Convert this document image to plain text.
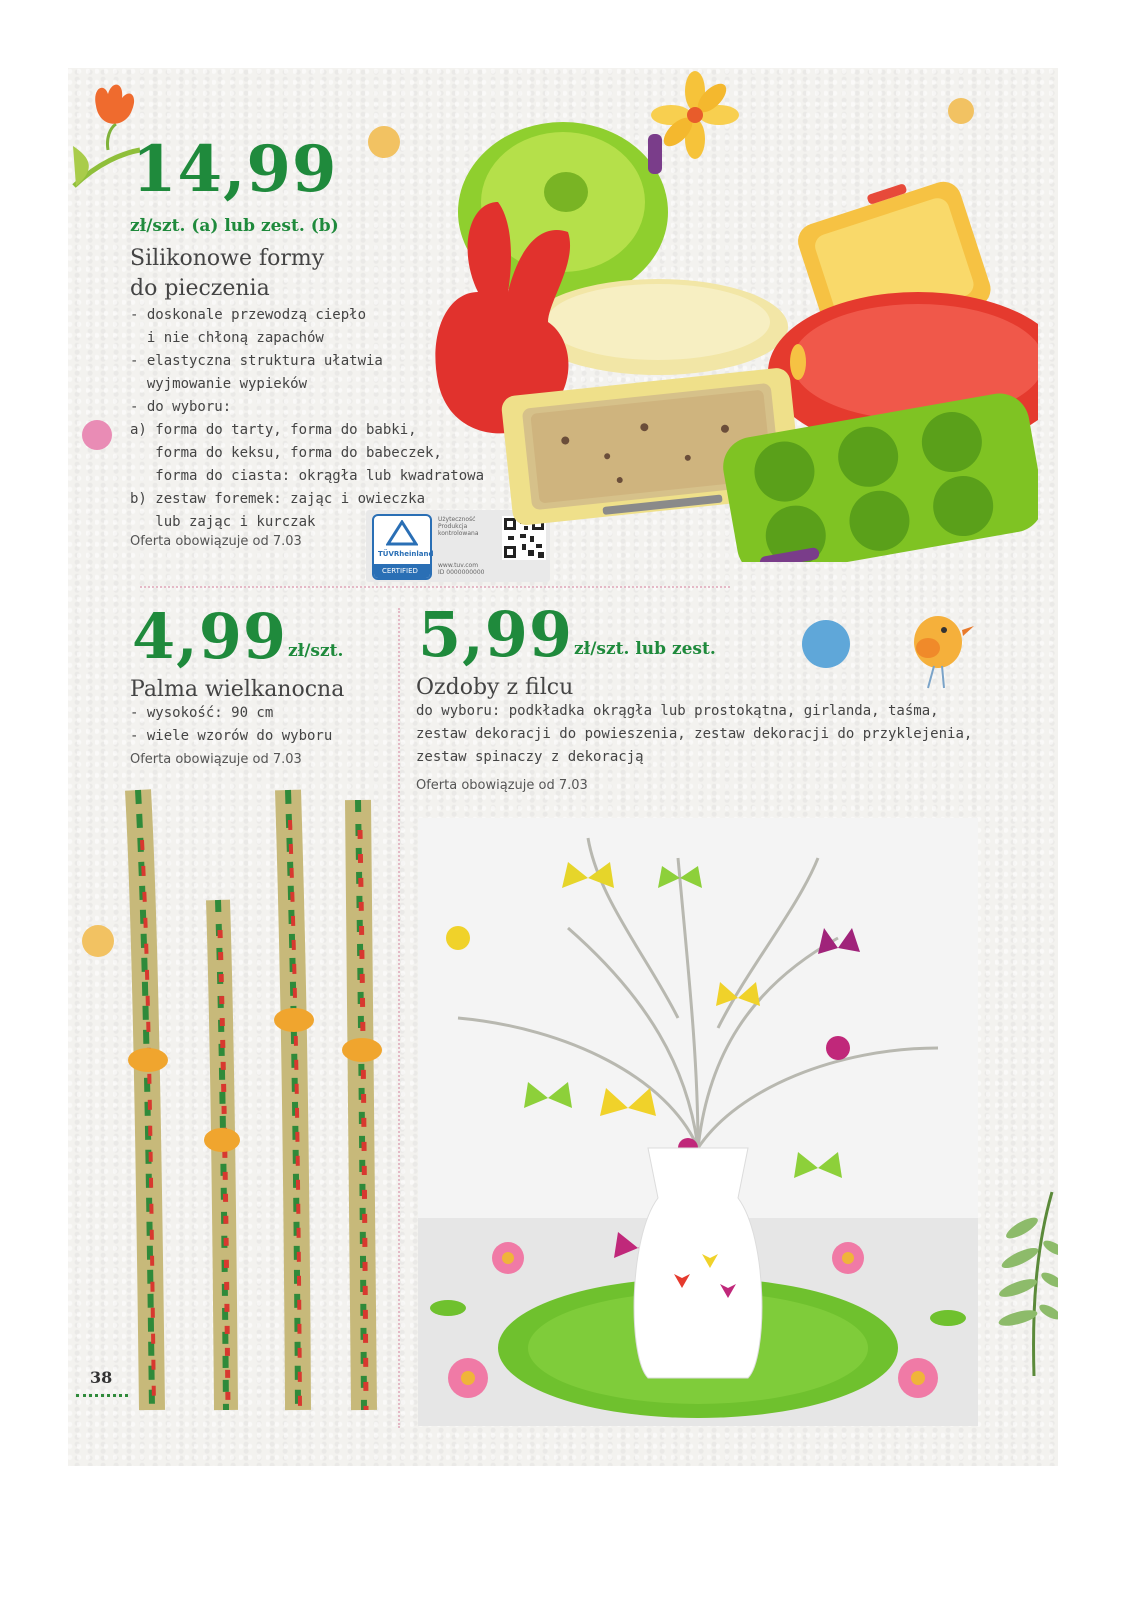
14,99
zł/szt. (a) lub zest. (b)
Silikonowe formy
do pieczenia
- doskonale przewodzą ciepło
i nie chłoną zapachów
- elastyczna struktura ułatwia
wyjmowanie wypieków
- do wyboru:
a) forma do tarty, forma do babki,
forma do keksu, forma do babeczek,
forma do ciasta: okrągła lub kwadratowa
b) zestaw foremek: zając i owieczka
lub zając i kurczak
Oferta obowiązuje od 7.03
TÜVRheinland
CERTIFIED
Użyteczność
Produkcja
kontrolowana
www.tuv.com
ID 0000000000
4,99 zł/szt.
Palma wielkanocna
- wysokość: 90 cm
- wiele wzorów do wyboru
Oferta obowiązuje od 7.03
5,99 zł/szt. lub zest.
Ozdoby z filcu
do wyboru: podkładka okrągła lub prostokątna, girlanda, taśma,
zestaw dekoracji do powieszenia, zestaw dekoracji do przyklejenia,
zestaw spinaczy z dekoracją
Oferta obowiązuje od 7.03
38
